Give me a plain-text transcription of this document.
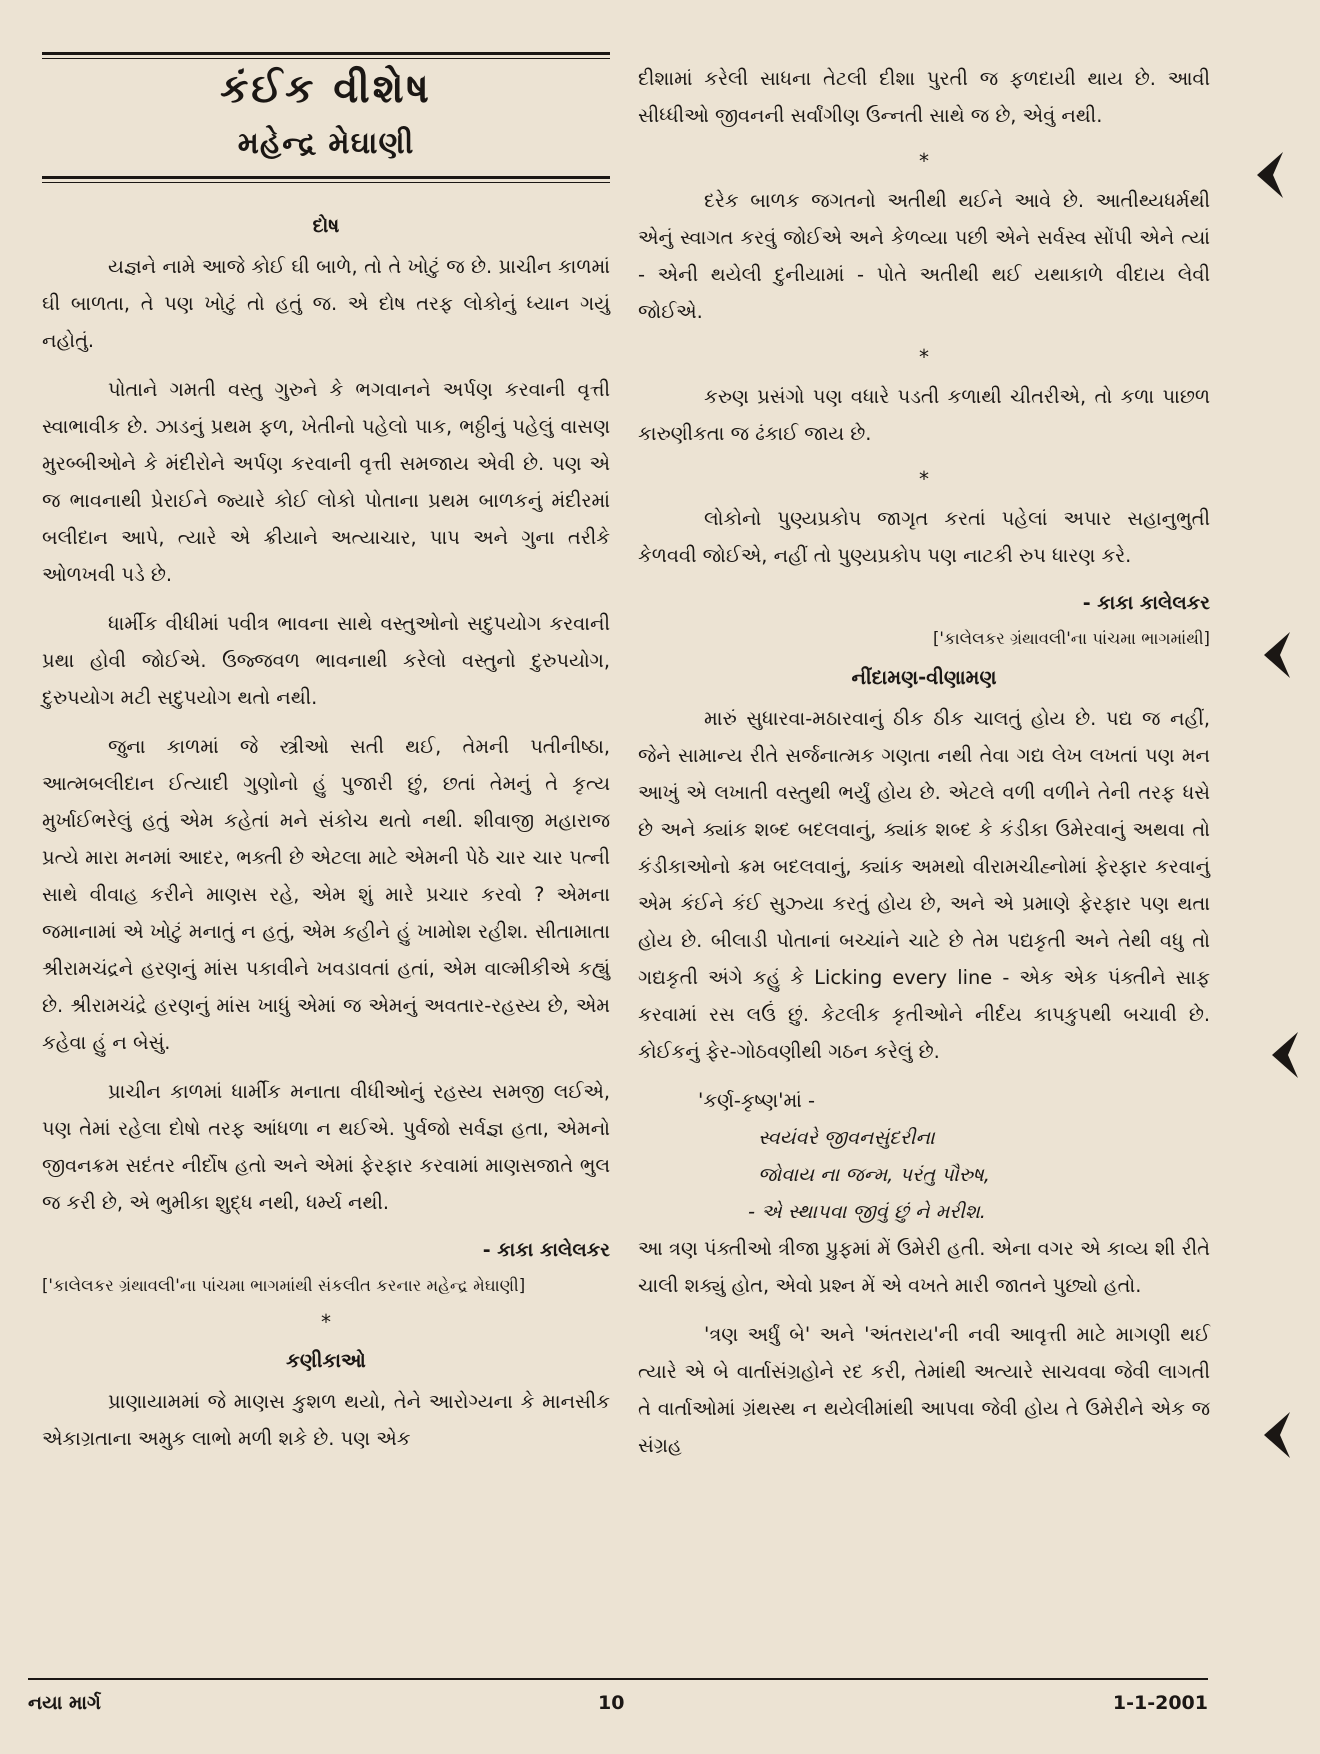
કંઈક વીશેષ
મહેન્દ્ર મેઘાણી
દોષ

યજ્ઞને નામે આજે કોઈ ઘી બાળે, તો તે ખોટું જ છે. પ્રાચીન કાળમાં ઘી બાળતા, તે પણ ખોટું તો હતું જ. એ દોષ તરફ લોકોનું ધ્યાન ગયું નહોતું.

પોતાને ગમતી વસ્તુ ગુરુને કે ભગવાનને અર્પણ કરવાની વૃત્તી સ્વાભાવીક છે. ઝાડનું પ્રથમ ફળ, ખેતીનો પહેલો પાક, ભઠ્ઠીનું પહેલું વાસણ મુરબ્બીઓને કે મંદીરોને અર્પણ કરવાની વૃત્તી સમજાય એવી છે. પણ એ જ ભાવનાથી પ્રેરાઈને જ્યારે કોઈ લોકો પોતાના પ્રથમ બાળકનું મંદીરમાં બલીદાન આપે, ત્યારે એ ક્રીયાને અત્યાચાર, પાપ અને ગુના તરીકે ઓળખવી પડે છે.

ધાર્મીક વીધીમાં પવીત્ર ભાવના સાથે વસ્તુઓનો સદુપયોગ કરવાની પ્રથા હોવી જોઈએ. ઉજ્જવળ ભાવનાથી કરેલો વસ્તુનો દુરુપયોગ, દુરુપયોગ મટી સદુપયોગ થતો નથી.

જુના કાળમાં જે સ્ત્રીઓ સતી થઈ, તેમની પતીનીષ્ઠા, આત્મબલીદાન ઈત્યાદી ગુણોનો હું પુજારી છું, છતાં તેમનું તે કૃત્ય મુર્ખાઈભરેલું હતું એમ કહેતાં મને સંકોચ થતો નથી. શીવાજી મહારાજ પ્રત્યે મારા મનમાં આદર, ભક્તી છે એટલા માટે એમની પેઠે ચાર ચાર પત્ની સાથે વીવાહ કરીને માણસ રહે, એમ શું મારે પ્રચાર કરવો ? એમના જમાનામાં એ ખોટું મનાતું ન હતું, એમ કહીને હું ખામોશ રહીશ. સીતામાતા શ્રીરામચંદ્રને હરણનું માંસ પકાવીને ખવડાવતાં હતાં, એમ વાલ્મીકીએ કહ્યું છે. શ્રીરામચંદ્રે હરણનું માંસ ખાધું એમાં જ એમનું અવતાર-રહસ્ય છે, એમ કહેવા હું ન બેસું.

પ્રાચીન કાળમાં ધાર્મીક મનાતા વીધીઓનું રહસ્ય સમજી લઈએ, પણ તેમાં રહેલા દોષો તરફ આંધળા ન થઈએ. પુર્વજો સર્વજ્ઞ હતા, એમનો જીવનક્રમ સદંતર નીર્દોષ હતો અને એમાં ફેરફાર કરવામાં માણસજાતે ભુલ જ કરી છે, એ ભુમીકા શુદ્ધ નથી, ધર્મ્ય નથી.

- કાકા કાલેલકર
['કાલેલકર ગ્રંથાવલી'ના પાંચમા ભાગમાંથી સંકલીત કરનાર મહેન્દ્ર મેઘાણી]
*
કણીકાઓ

પ્રાણાયામમાં જે માણસ કુશળ થયો, તેને આરોગ્યના કે માનસીક એકાગ્રતાના અમુક લાભો મળી શકે છે. પણ એક

દીશામાં કરેલી સાધના તેટલી દીશા પુરતી જ ફળદાયી થાય છે. આવી સીધ્ધીઓ જીવનની સર્વાંગીણ ઉન્નતી સાથે જ છે, એવું નથી.

*

દરેક બાળક જગતનો અતીથી થઈને આવે છે. આતીથ્યધર્મથી એનું સ્વાગત કરવું જોઈએ અને કેળવ્યા પછી એને સર્વસ્વ સોંપી એને ત્યાં - એની થયેલી દુનીયામાં - પોતે અતીથી થઈ યથાકાળે વીદાય લેવી જોઈએ.

*

કરુણ પ્રસંગો પણ વધારે પડતી કળાથી ચીતરીએ, તો કળા પાછળ કારુણીકતા જ ઢંકાઈ જાય છે.

*

લોકોનો પુણ્યપ્રકોપ જાગૃત કરતાં પહેલાં અપાર સહાનુભુતી કેળવવી જોઈએ, નહીં તો પુણ્યપ્રકોપ પણ નાટકી રુપ ધારણ કરે.

- કાકા કાલેલકર
['કાલેલકર ગ્રંથાવલી'ના પાંચમા ભાગમાંથી]
નીંદામણ-વીણામણ

મારું સુધારવા-મઠારવાનું ઠીક ઠીક ચાલતું હોય છે. પદ્ય જ નહીં, જેને સામાન્ય રીતે સર્જનાત્મક ગણતા નથી તેવા ગદ્ય લેખ લખતાં પણ મન આખું એ લખાતી વસ્તુથી ભર્યું હોય છે. એટલે વળી વળીને તેની તરફ ધસે છે અને ક્યાંક શબ્દ બદલવાનું, ક્યાંક શબ્દ કે કંડીકા ઉમેરવાનું અથવા તો કંડીકાઓનો ક્રમ બદલવાનું, ક્યાંક અમથો વીરામચીહ્નોમાં ફેરફાર કરવાનું એમ કંઈને કંઈ સુઝ્યા કરતું હોય છે, અને એ પ્રમાણે ફેરફાર પણ થતા હોય છે. બીલાડી પોતાનાં બચ્ચાંને ચાટે છે તેમ પદ્યકૃતી અને તેથી વધુ તો ગદ્યકૃતી અંગે કહું કે Licking every line - એક એક પંક્તીને સાફ કરવામાં રસ લઉં છું. કેટલીક કૃતીઓને નીર્દય કાપકુપથી બચાવી છે. કોઈકનું ફેર-ગોઠવણીથી ગઠન કરેલું છે.

'કર્ણ-કૃષ્ણ'માં -
સ્વયંવરે જીવનસુંદરીના
જોવાય ના જન્મ, પરંતુ પૌરુષ,
- એ સ્થાપવા જીવું છું ને મરીશ.

આ ત્રણ પંક્તીઓ ત્રીજા પ્રુફમાં મેં ઉમેરી હતી. એના વગર એ કાવ્ય શી રીતે ચાલી શક્યું હોત, એવો પ્રશ્ન મેં એ વખતે મારી જાતને પુછ્યો હતો.

'ત્રણ અર્ધું બે' અને 'અંતરાય'ની નવી આવૃત્તી માટે માગણી થઈ ત્યારે એ બે વાર્તાસંગ્રહોને રદ કરી, તેમાંથી અત્યારે સાચવવા જેવી લાગતી તે વાર્તાઓમાં ગ્રંથસ્થ ન થયેલીમાંથી આપવા જેવી હોય તે ઉમેરીને એક જ સંગ્રહ

નયા માર્ગ	10	1-1-2001
